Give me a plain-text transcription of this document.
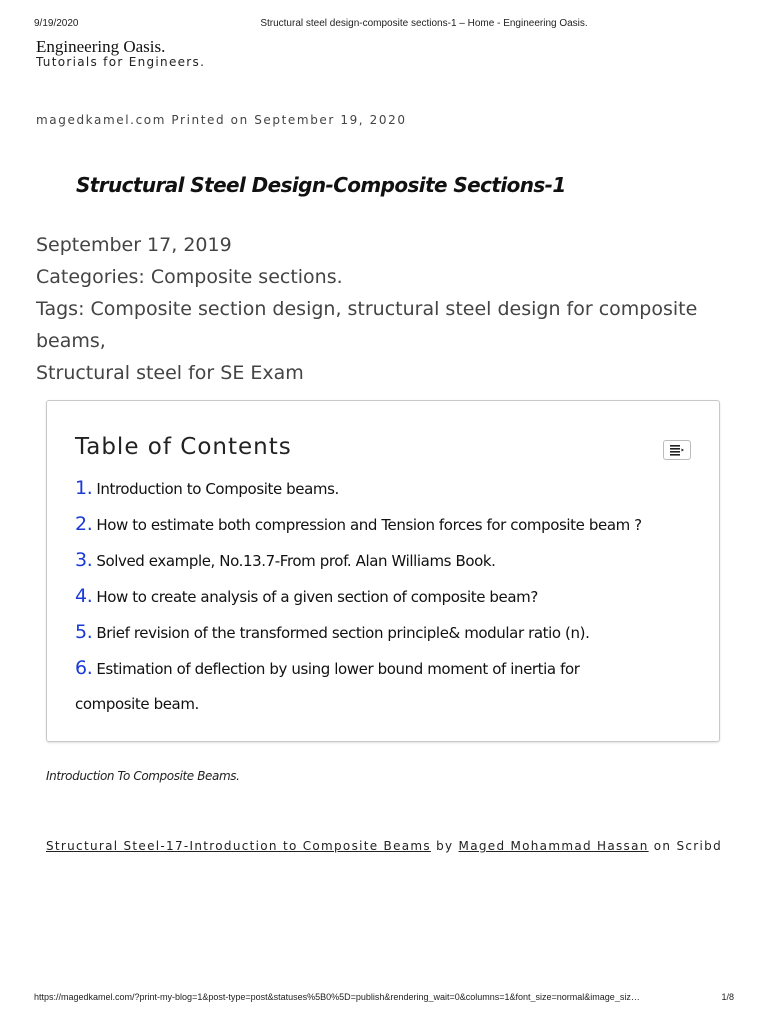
9/19/2020	Structural steel design-composite sections-1 – Home - Engineering Oasis.
Engineering Oasis.
Tutorials for Engineers.
magedkamel.com Printed on September 19, 2020
Structural Steel Design-Composite Sections-1
September 17, 2019
Categories: Composite sections.
Tags: Composite section design, structural steel design for composite beams,
Structural steel for SE Exam
Table of Contents
1. Introduction to Composite beams.
2. How to estimate both compression and Tension forces for composite beam ?
3. Solved example, No.13.7-From prof. Alan Williams Book.
4. How to create analysis of a given section of composite beam?
5. Brief revision of the transformed section principle& modular ratio (n).
6. Estimation of deflection by using lower bound moment of inertia for
composite beam.
Introduction To Composite Beams.
Structural Steel-17-Introduction to Composite Beams by Maged Mohammad Hassan on Scribd
https://magedkamel.com/?print-my-blog=1&post-type=post&statuses%5B0%5D=publish&rendering_wait=0&columns=1&font_size=normal&image_siz…	1/8
